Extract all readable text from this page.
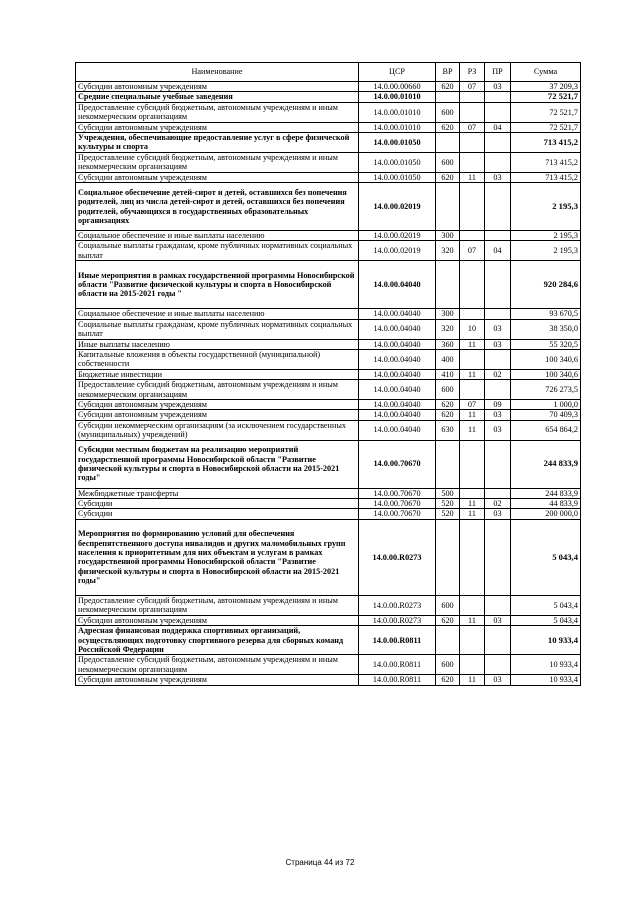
Наименование	ЦСР	ВР	РЗ	ПР	Сумма
Субсидии автономным учреждениям	14.0.00.00660	620	07	03	37 209,3
Средние специальные учебные заведения	14.0.00.01010				72 521,7
Предоставление субсидий бюджетным, автономным учреждениям и иным некоммерческим организациям	14.0.00.01010	600			72 521,7
Субсидии автономным учреждениям	14.0.00.01010	620	07	04	72 521,7
Учреждения, обеспечивающие предоставление услуг в сфере физической культуры и спорта	14.0.00.01050				713 415,2
Предоставление субсидий бюджетным, автономным учреждениям и иным некоммерческим организациям	14.0.00.01050	600			713 415,2
Субсидии автономным учреждениям	14.0.00.01050	620	11	03	713 415,2
Социальное обеспечение детей-сирот и детей, оставшихся без попечения родителей, лиц из числа детей-сирот и детей, оставшихся без попечения родителей, обучающихся в государственных образовательных организациях	14.0.00.02019				2 195,3
Социальное обеспечение и иные выплаты населению	14.0.00.02019	300			2 195,3
Социальные выплаты гражданам, кроме публичных нормативных социальных выплат	14.0.00.02019	320	07	04	2 195,3
Иные мероприятия в рамках государственной программы Новосибирской области "Развитие физической культуры и спорта в Новосибирской области на 2015-2021 годы "	14.0.00.04040				920 284,6
Социальное обеспечение и иные выплаты населению	14.0.00.04040	300			93 670,5
Социальные выплаты гражданам, кроме публичных нормативных социальных выплат	14.0.00.04040	320	10	03	38 350,0
Иные выплаты населению	14.0.00.04040	360	11	03	55 320,5
Капитальные вложения в объекты государственной (муниципальной) собственности	14.0.00.04040	400			100 340,6
Бюджетные инвестиции	14.0.00.04040	410	11	02	100 340,6
Предоставление субсидий бюджетным, автономным учреждениям и иным некоммерческим организациям	14.0.00.04040	600			726 273,5
Субсидии автономным учреждениям	14.0.00.04040	620	07	09	1 000,0
Субсидии автономным учреждениям	14.0.00.04040	620	11	03	70 409,3
Субсидии некоммерческим организациям (за исключением государственных (муниципальных) учреждений)	14.0.00.04040	630	11	03	654 864,2
Субсидии местным бюджетам на реализацию мероприятий государственной программы Новосибирской области "Развитие физической культуры и спорта в Новосибирской области на 2015-2021 годы"	14.0.00.70670				244 833,9
Межбюджетные трансферты	14.0.00.70670	500			244 833,9
Субсидии	14.0.00.70670	520	11	02	44 833,9
Субсидии	14.0.00.70670	520	11	03	200 000,0
Мероприятия по формированию условий для обеспечения беспрепятственного доступа инвалидов и других маломобильных групп населения к приоритетным для них объектам и услугам в рамках государственной программы Новосибирской области "Развитие физической культуры и спорта в Новосибирской области на 2015-2021 годы"	14.0.00.R0273				5 043,4
Предоставление субсидий бюджетным, автономным учреждениям и иным некоммерческим организациям	14.0.00.R0273	600			5 043,4
Субсидии автономным учреждениям	14.0.00.R0273	620	11	03	5 043,4
Адресная финансовая поддержка спортивных организаций, осуществляющих подготовку спортивного резерва для сборных команд Российской Федерации	14.0.00.R0811				10 933,4
Предоставление субсидий бюджетным, автономным учреждениям и иным некоммерческим организациям	14.0.00.R0811	600			10 933,4
Субсидии автономным учреждениям	14.0.00.R0811	620	11	03	10 933,4
Страница 44 из 72
